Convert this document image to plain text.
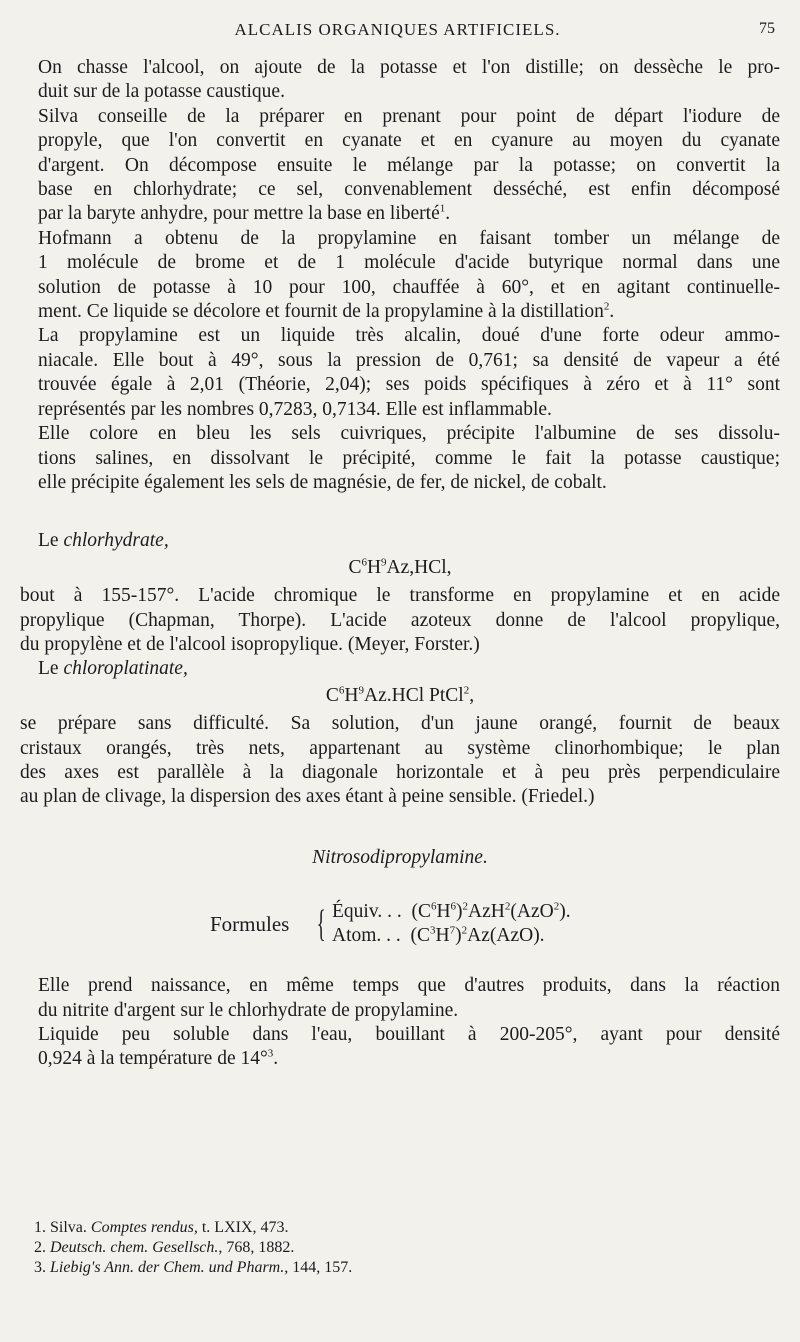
ALCALIS ORGANIQUES ARTIFICIELS.	75

On chasse l'alcool, on ajoute de la potasse et l'on distille; on dessèche le pro-
duit sur de la potasse caustique.

Silva conseille de la préparer en prenant pour point de départ l'iodure de
propyle, que l'on convertit en cyanate et en cyanure au moyen du cyanate
d'argent. On décompose ensuite le mélange par la potasse; on convertit la
base en chlorhydrate; ce sel, convenablement desséché, est enfin décomposé
par la baryte anhydre, pour mettre la base en liberté$^1$.

Hofmann a obtenu de la propylamine en faisant tomber un mélange de
1 molécule de brome et de 1 molécule d'acide butyrique normal dans une
solution de potasse à 10 pour 100, chauffée à 60°, et en agitant continuelle-
ment. Ce liquide se décolore et fournit de la propylamine à la distillation$^2$.

La propylamine est un liquide très alcalin, doué d'une forte odeur ammo-
niacale. Elle bout à 49°, sous la pression de 0,761; sa densité de vapeur a été
trouvée égale à 2,01 (Théorie, 2,04); ses poids spécifiques à zéro et à 11° sont
représentés par les nombres 0,7283, 0,7134. Elle est inflammable.

Elle colore en bleu les sels cuivriques, précipite l'albumine de ses dissolu-
tions salines, en dissolvant le précipité, comme le fait la potasse caustique;
elle précipite également les sels de magnésie, de fer, de nickel, de cobalt.

Le chlorhydrate,

$C^6H^9Az,HCl$,

bout à 155-157°. L'acide chromique le transforme en propylamine et en acide
propylique (Chapman, Thorpe). L'acide azoteux donne de l'alcool propylique,
du propylène et de l'alcool isopropylique. (Meyer, Forster.)

Le chloroplatinate,

$C^6H^9Az.HCl$ PtCl$^2$,

se prépare sans difficulté. Sa solution, d'un jaune orangé, fournit de beaux
cristaux orangés, très nets, appartenant au système clinorhombique; le plan
des axes est parallèle à la diagonale horizontale et à peu près perpendiculaire
au plan de clivage, la dispersion des axes étant à peine sensible. (Friedel.)

Nitrosodipropylamine.
Formules { Équiv. . . $(C^6H^6)^2AzH^2(AzO^2)$.
Atom. . . $(C^3H^7)^2Az(AzO)$.

Elle prend naissance, en même temps que d'autres produits, dans la réaction
du nitrite d'argent sur le chlorhydrate de propylamine.

Liquide peu soluble dans l'eau, bouillant à 200-205°, ayant pour densité
0,924 à la température de 14°$^3$.

1. Silva. Comptes rendus, t. LXIX, 473.
2. Deutsch. chem. Gesellsch., 768, 1882.
3. Liebig's Ann. der Chem. und Pharm., 144, 157.
